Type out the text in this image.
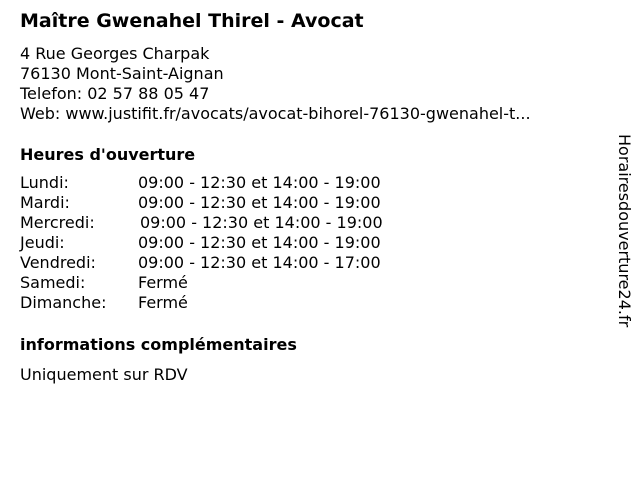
Maître Gwenahel Thirel - Avocat
4 Rue Georges Charpak
76130 Mont-Saint-Aignan
Telefon: 02 57 88 05 47
Web: www.justifit.fr/avocats/avocat-bihorel-76130-gwenahel-t...
Heures d'ouverture
Lundi:	09:00 - 12:30 et 14:00 - 19:00
Mardi:	09:00 - 12:30 et 14:00 - 19:00
Mercredi:	09:00 - 12:30 et 14:00 - 19:00
Jeudi:	09:00 - 12:30 et 14:00 - 19:00
Vendredi:	09:00 - 12:30 et 14:00 - 17:00
Samedi:	Fermé
Dimanche: Fermé
informations complémentaires
Uniquement sur RDV
Horairesdouverture24.fr
